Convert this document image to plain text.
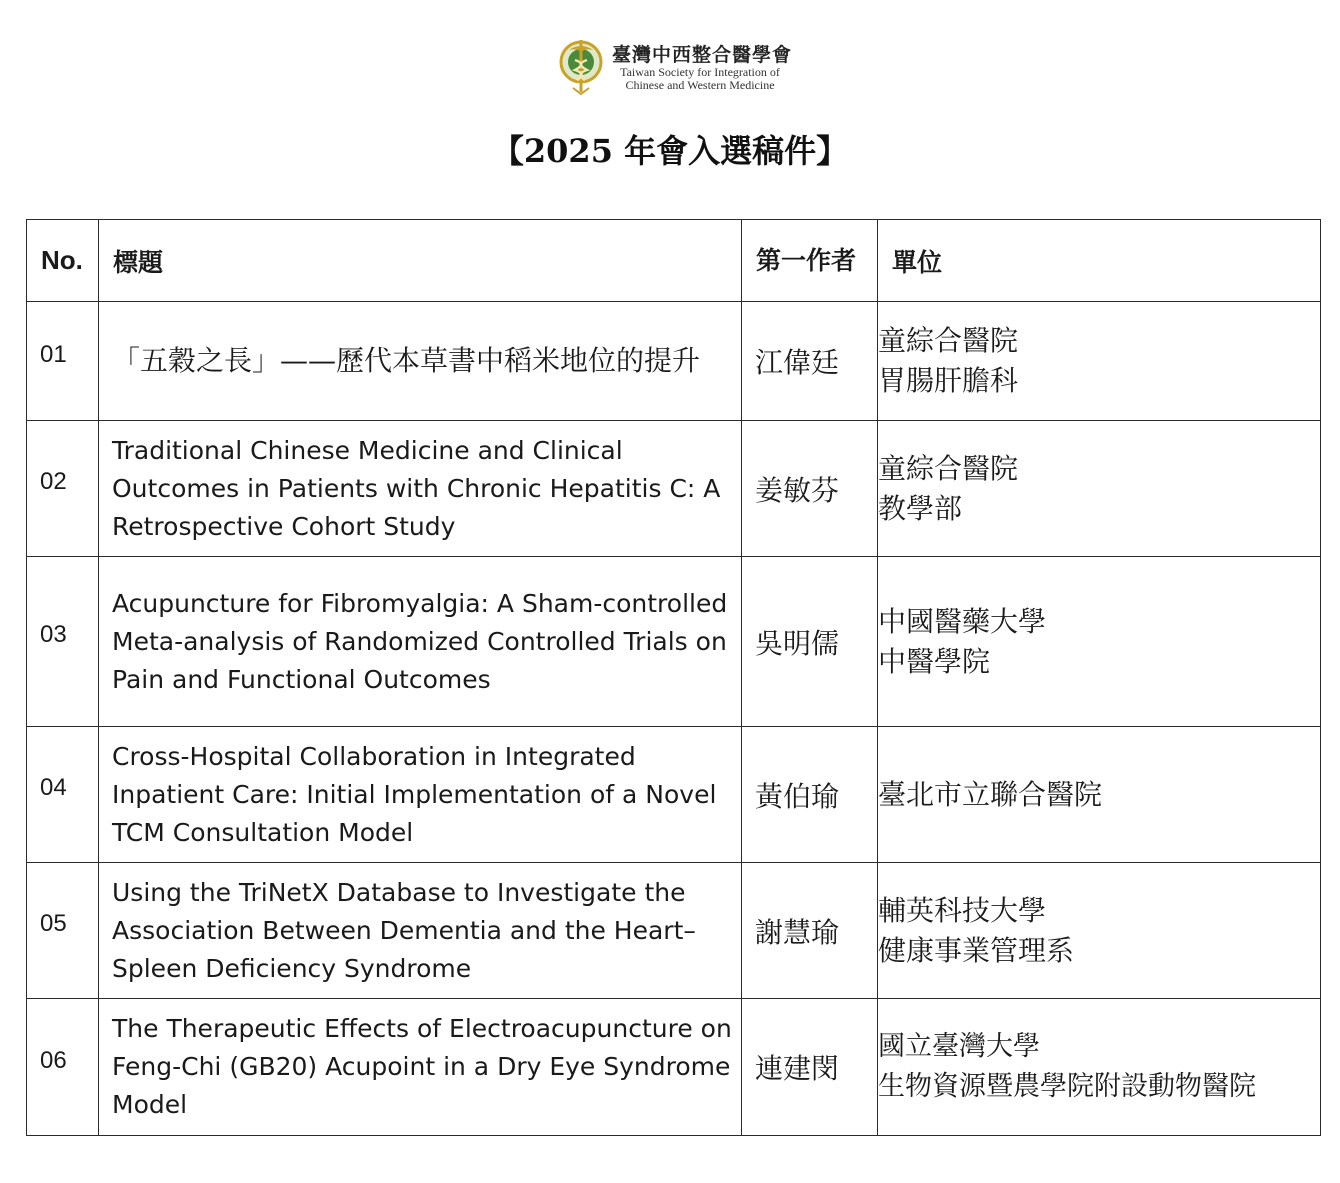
臺灣中西整合醫學會
Taiwan Society for Integration of
Chinese and Western Medicine
【2025 年會入選稿件】
No.	標題	第一作者	單位
01	「五穀之長」——歷代本草書中稻米地位的提升	江偉廷	童綜合醫院
胃腸肝膽科

02	Traditional Chinese Medicine and Clinical Outcomes in Patients with Chronic Hepatitis C: A Retrospective Cohort Study	姜敏芬	童綜合醫院
教學部

03	Acupuncture for Fibromyalgia: A Sham-controlled Meta-analysis of Randomized Controlled Trials on Pain and Functional Outcomes	吳明儒	中國醫藥大學
中醫學院

04	Cross-Hospital Collaboration in Integrated Inpatient Care: Initial Implementation of a Novel TCM Consultation Model	黃伯瑜	臺北市立聯合醫院

05	Using the TriNetX Database to Investigate the Association Between Dementia and the Heart–Spleen Deficiency Syndrome	謝慧瑜	輔英科技大學
健康事業管理系

06	The Therapeutic Effects of Electroacupuncture on Feng-Chi (GB20) Acupoint in a Dry Eye Syndrome Model	連建閔	國立臺灣大學
生物資源暨農學院附設動物醫院
